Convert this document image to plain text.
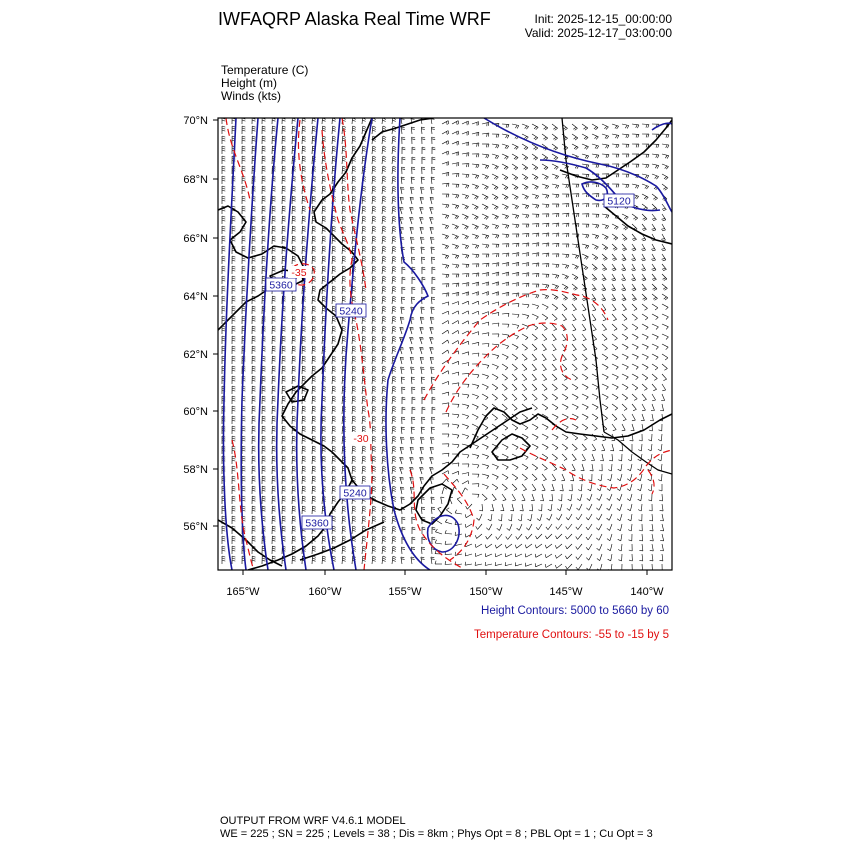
IWFAQRP Alaska Real Time WRF	Init: 2025-12-15_00:00:00
Valid: 2025-12-17_03:00:00
Temperature (C)
Height (m)
Winds (kts)
5360
5240
5240
5360
5120
-35
-30
70°N
68°N
66°N
64°N
62°N
60°N
58°N
56°N
165°W	160°W	155°W	150°W	145°W	140°W
Height Contours: 5000 to 5660 by 60
Temperature Contours: -55 to -15 by 5
OUTPUT FROM WRF V4.6.1 MODEL
WE = 225 ; SN = 225 ; Levels = 38 ; Dis = 8km ; Phys Opt = 8 ; PBL Opt = 1 ; Cu Opt = 3
